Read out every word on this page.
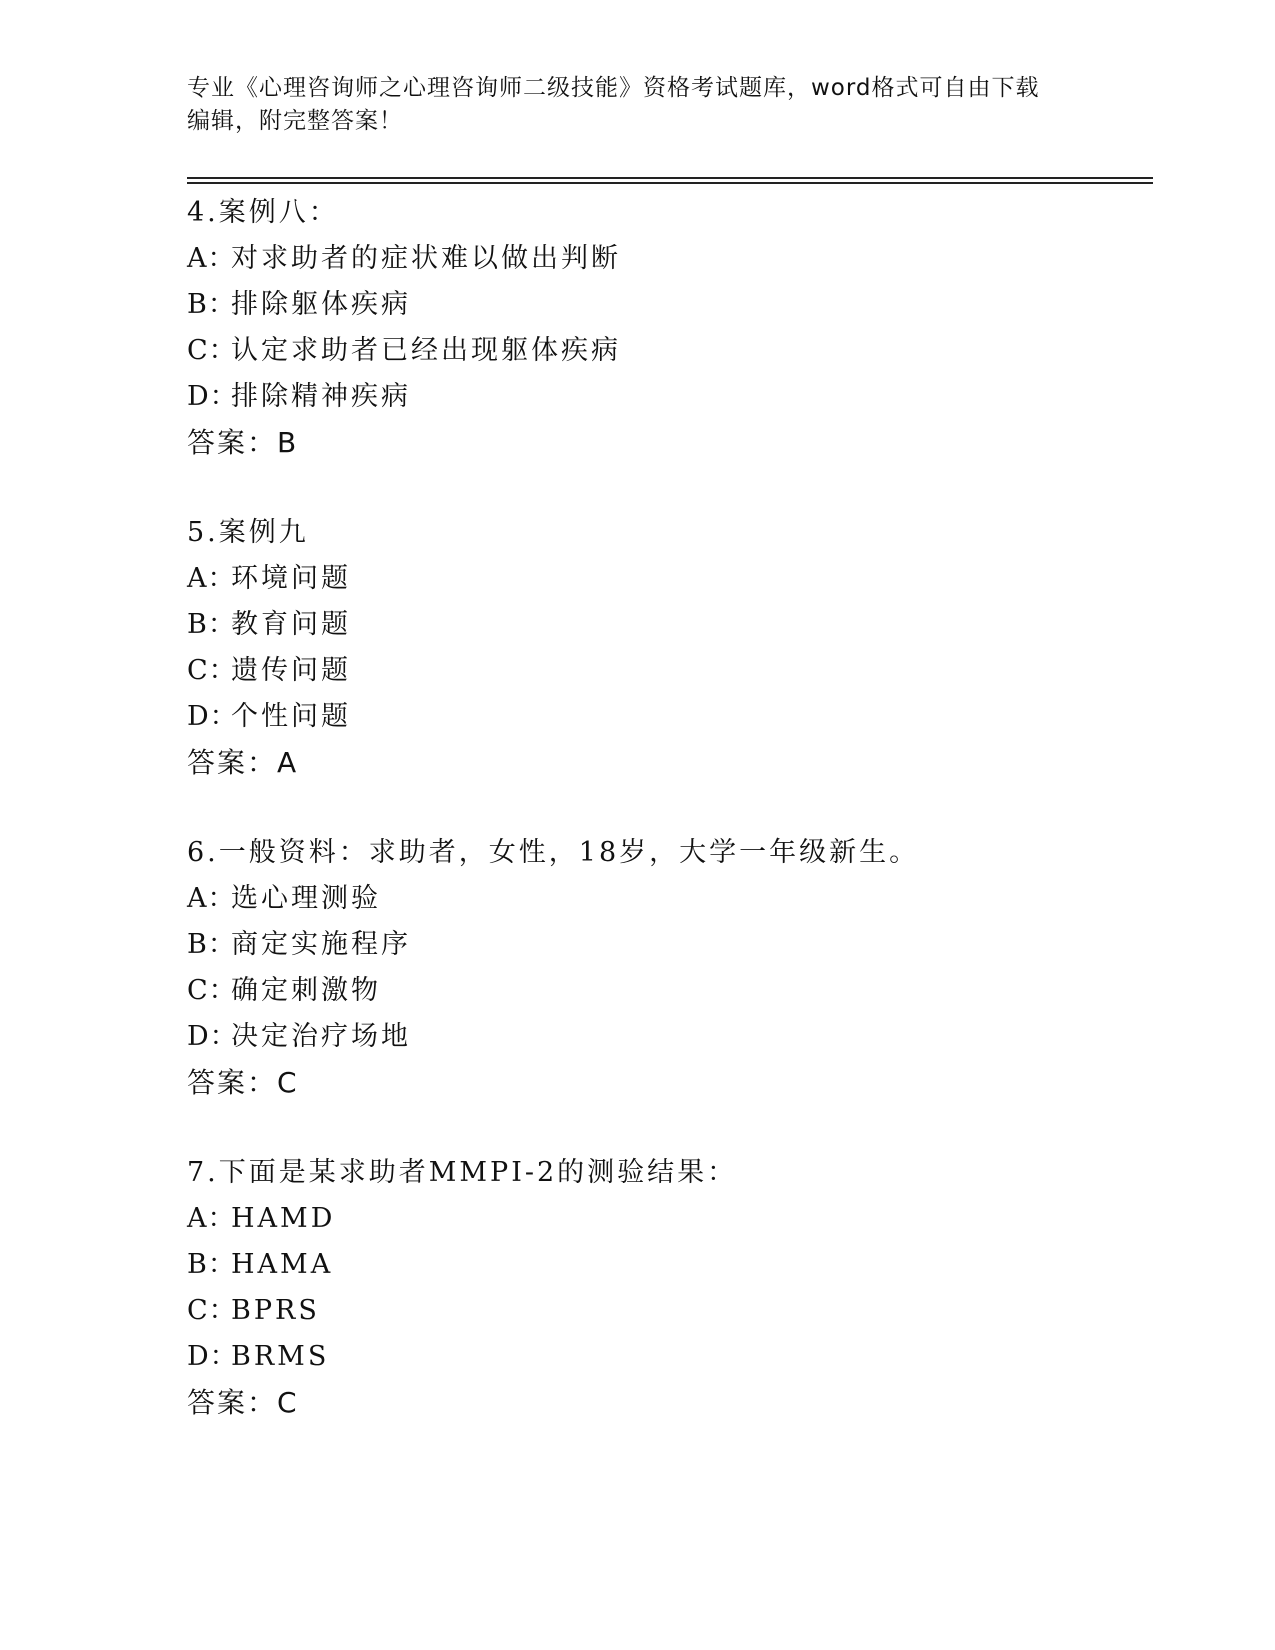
专业《心理咨询师之心理咨询师二级技能》资格考试题库，word格式可自由下载
编辑，附完整答案！
4.案例八：
A：对求助者的症状难以做出判断
B：排除躯体疾病
C：认定求助者已经出现躯体疾病
D：排除精神疾病
答案：B
5.案例九
A：环境问题
B：教育问题
C：遗传问题
D：个性问题
答案：A
6.一般资料：求助者，女性，18岁，大学一年级新生。
A：选心理测验
B：商定实施程序
C：确定刺激物
D：决定治疗场地
答案：C
7.下面是某求助者MMPI-2的测验结果：
A：HAMD
B：HAMA
C：BPRS
D：BRMS
答案：C
